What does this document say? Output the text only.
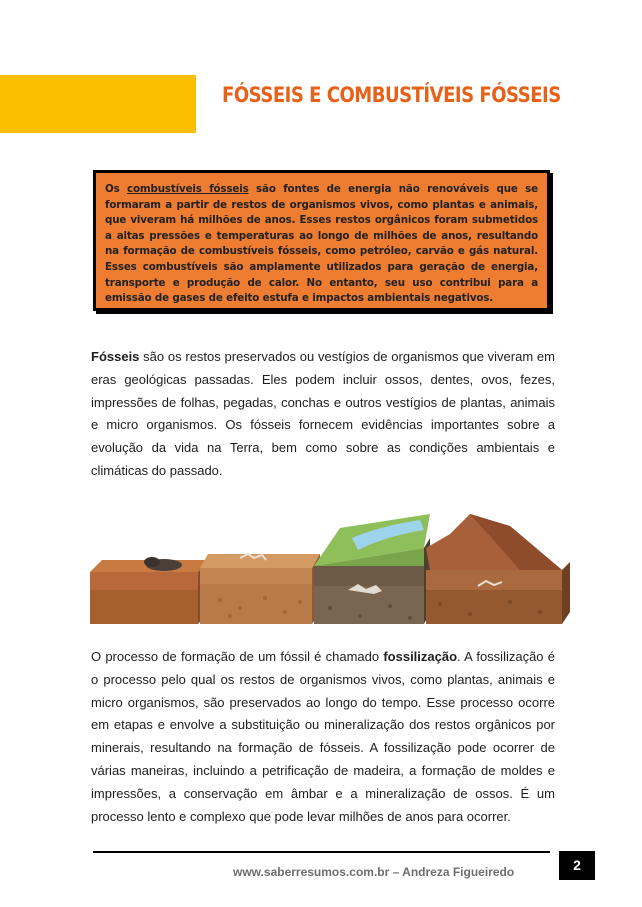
FÓSSEIS E COMBUSTÍVEIS FÓSSEIS

Os combustíveis fósseis são fontes de energia não renováveis que se formaram a partir de restos de organismos vivos, como plantas e animais, que viveram há milhões de anos. Esses restos orgânicos foram submetidos a altas pressões e temperaturas ao longo de milhões de anos, resultando na formação de combustíveis fósseis, como petróleo, carvão e gás natural. Esses combustíveis são amplamente utilizados para geração de energia, transporte e produção de calor. No entanto, seu uso contribui para a emissão de gases de efeito estufa e impactos ambientais negativos.

Fósseis são os restos preservados ou vestígios de organismos que viveram em eras geológicas passadas. Eles podem incluir ossos, dentes, ovos, fezes, impressões de folhas, pegadas, conchas e outros vestígios de plantas, animais e micro organismos. Os fósseis fornecem evidências importantes sobre a evolução da vida na Terra, bem como sobre as condições ambientais e climáticas do passado.

O processo de formação de um fóssil é chamado fossilização. A fossilização é o processo pelo qual os restos de organismos vivos, como plantas, animais e micro organismos, são preservados ao longo do tempo. Esse processo ocorre em etapas e envolve a substituição ou mineralização dos restos orgânicos por minerais, resultando na formação de fósseis. A fossilização pode ocorrer de várias maneiras, incluindo a petrificação de madeira, a formação de moldes e impressões, a conservação em âmbar e a mineralização de ossos. É um processo lento e complexo que pode levar milhões de anos para ocorrer.

www.saberresumos.com.br – Andreza Figueiredo	2
